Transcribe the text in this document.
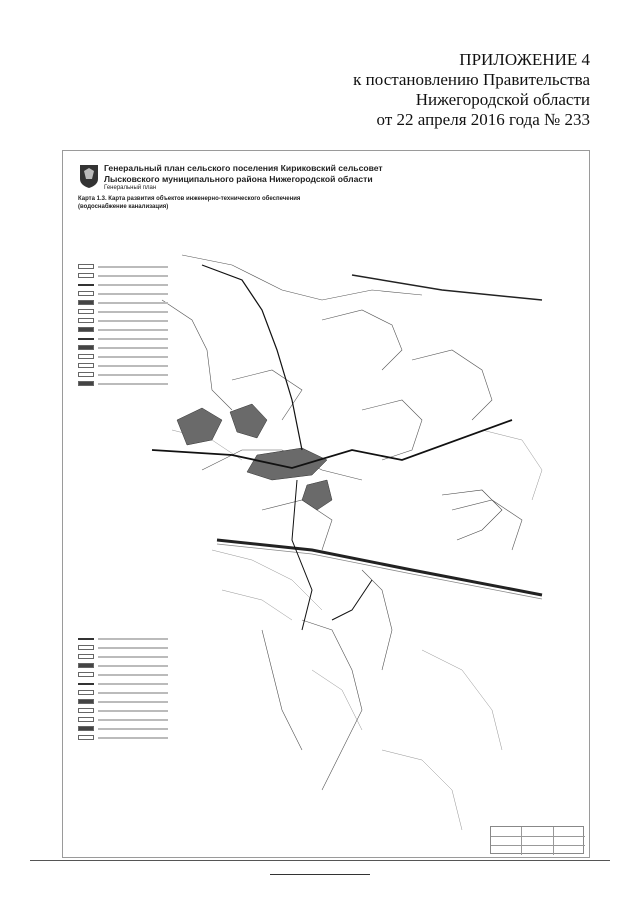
ПРИЛОЖЕНИЕ 4
к постановлению Правительства
Нижегородской области
от 22 апреля 2016 года № 233
Генеральный план сельского поселения Кириковский сельсовет
Лысковского муниципального района Нижегородской области
Генеральный план
Карта 1.3. Карта развития объектов инженерно-технического обеспечения (водоснабжение канализация)
